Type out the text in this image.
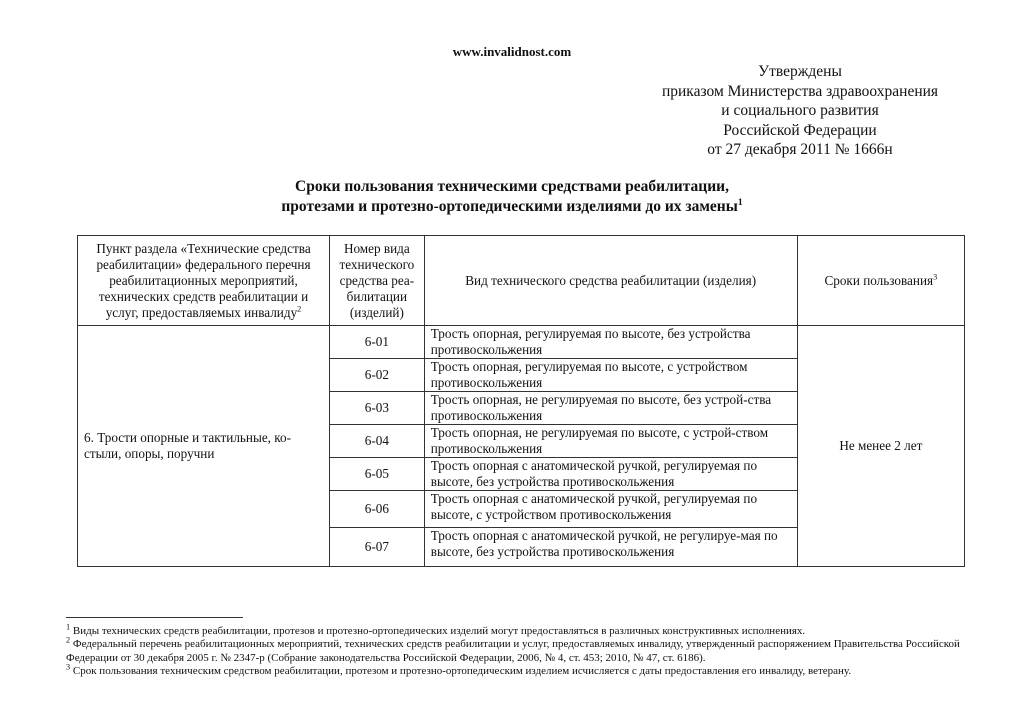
www.invalidnost.com
Утверждены
приказом Министерства здравоохранения
и социального развития
Российской Федерации
от 27 декабря 2011 № 1666н
Сроки пользования техническими средствами реабилитации,
протезами и протезно-ортопедическими изделиями до их замены$^1$
Пункт раздела «Технические средства реабилитации» федерального перечня реабилитационных мероприятий, технических средств реабилитации и услуг, предоставляемых инвалиду$^2$	Номер вида технического средства реа-билитации (изделий)	Вид технического средства реабилитации (изделия)	Сроки пользования$^3$
6. Трости опорные и тактильные, ко-стыли, опоры, поручни	6-01	Трость опорная, регулируемая по высоте, без устройства противоскольжения	Не менее 2 лет
	6-02	Трость опорная, регулируемая по высоте, с устройством противоскольжения	
	6-03	Трость опорная, не регулируемая по высоте, без устрой-ства противоскольжения	
	6-04	Трость опорная, не регулируемая по высоте, с устрой-ством противоскольжения	
	6-05	Трость опорная с анатомической ручкой, регулируемая по высоте, без устройства противоскольжения	
	6-06	Трость опорная с анатомической ручкой, регулируемая по высоте, с устройством противоскольжения	
	6-07	Трость опорная с анатомической ручкой, не регулируе-мая по высоте, без устройства противоскольжения	

$^1$ Виды технических средств реабилитации, протезов и протезно-ортопедических изделий могут предоставляться в различных конструктивных исполнениях.

$^2$ Федеральный перечень реабилитационных мероприятий, технических средств реабилитации и услуг, предоставляемых инвалиду, утвержденный распоряжением Правительства Российской Федерации от 30 декабря 2005 г. № 2347-р (Собрание законодательства Российской Федерации, 2006, № 4, ст. 453; 2010, № 47, ст. 6186).

$^3$ Срок пользования техническим средством реабилитации, протезом и протезно-ортопедическим изделием исчисляется с даты предоставления его инвалиду, ветерану.
